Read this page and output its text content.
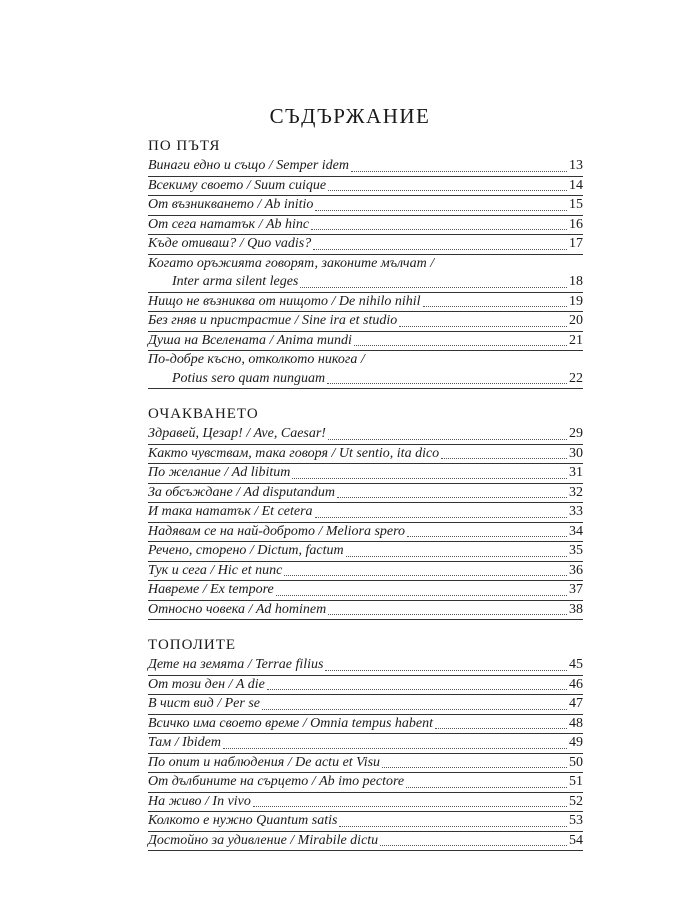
СЪДЪРЖАНИЕ
ПО ПЪТЯ
Винаги едно и също / Semper idem	13
Всекиму своето / Suum cuique	14
От възникването / Ab initio	15
От сега нататък / Ab hinc	16
Къде отиваш? / Quo vadis?	17
Когато оръжията говорят, законите мълчат /
Inter arma silent leges	18
Нищо не възниква от нищото / De nihilo nihil	19
Без гняв и пристрастие / Sine ira et studio	20
Душа на Вселената / Anima mundi	21
По-добре късно, отколкото никога /
Potius sero quam nunguam	22
ОЧАКВАНЕТО
Здравей, Цезар! / Ave, Caesar!	29
Както чувствам, така говоря / Ut sentio, ita dico	30
По желание / Ad libitum	31
За обсъждане / Ad disputandum	32
И така нататък / Et cetera	33
Надявам се на най-доброто / Meliora spero	34
Речено, сторено / Dictum, factum	35
Тук и сега / Hic et nunc	36
Навреме / Ex tempore	37
Относно човека / Ad hominem	38
ТОПОЛИТЕ
Дете на земята / Terrae filius	45
От този ден / A die	46
В чист вид / Per se	47
Всичко има своето време / Omnia tempus habent	48
Там / Ibidem	49
По опит и наблюдения / De actu et Visu	50
От дълбините на сърцето / Ab imo pectore	51
На живо / In vivo	52
Колкото е нужно Quantum satis	53
Достойно за удивление / Mirabile dictu	54
